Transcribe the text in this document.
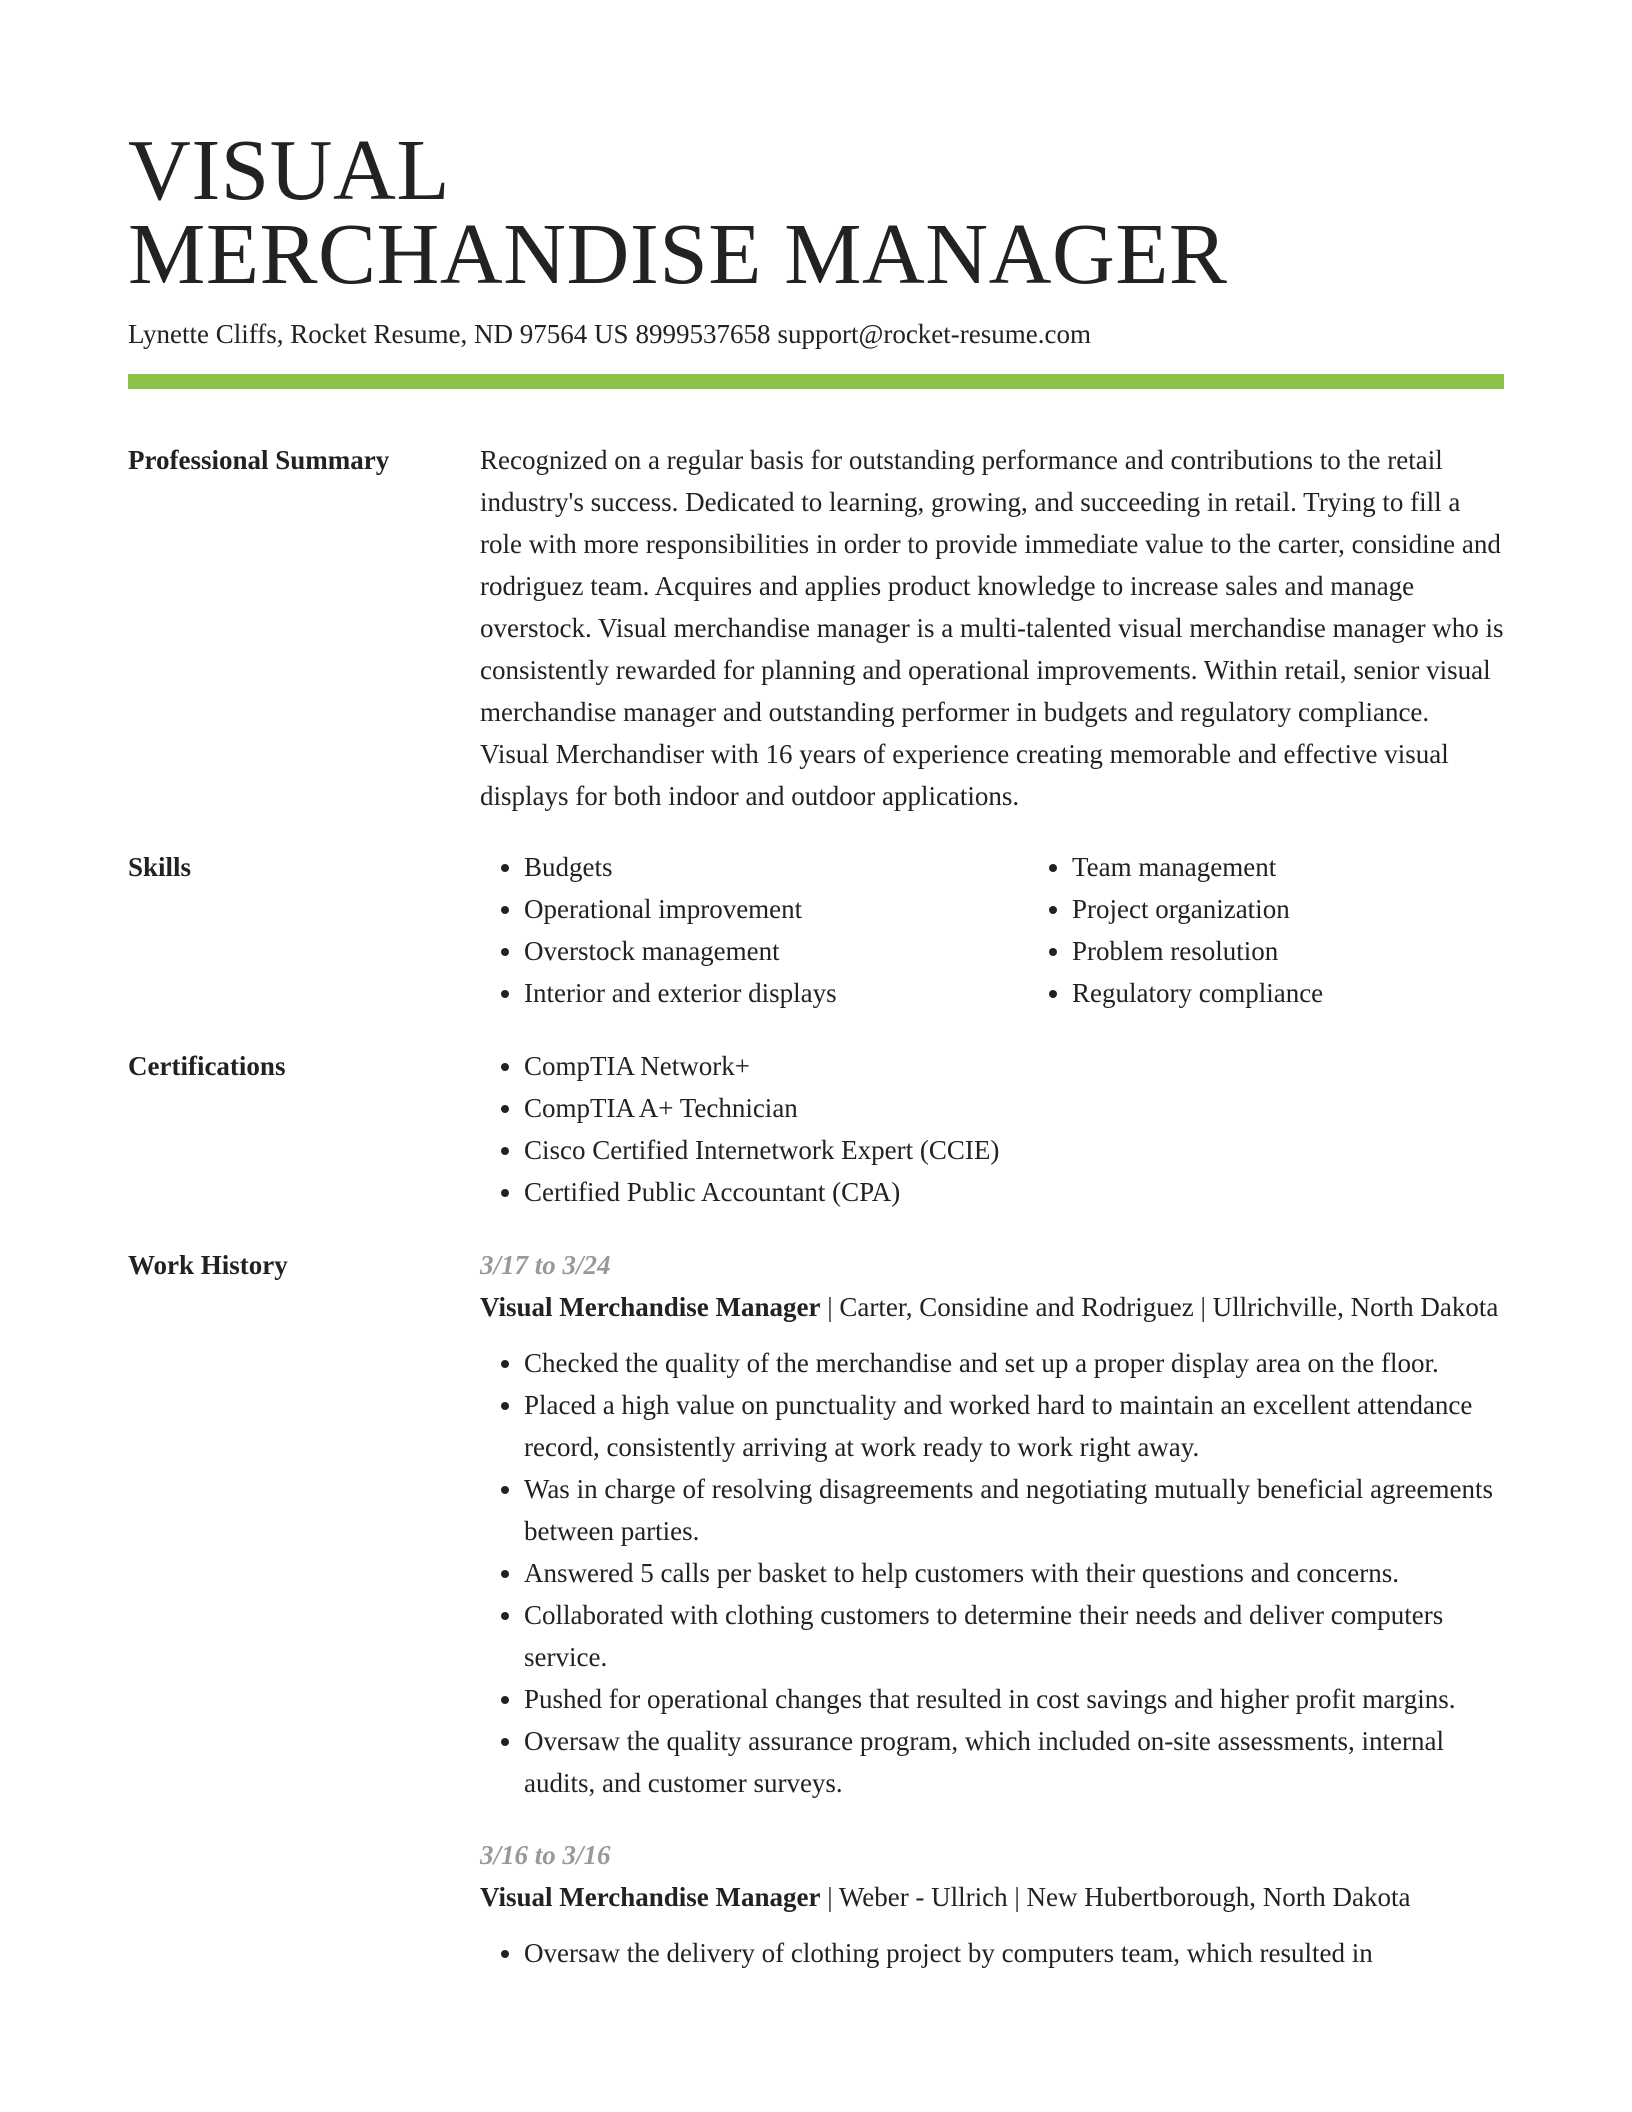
VISUAL
MERCHANDISE MANAGER
Lynette Cliffs, Rocket Resume, ND 97564 US 8999537658 support@rocket-resume.com
Professional Summary	Recognized on a regular basis for outstanding performance and contributions to the retail industry's success. Dedicated to learning, growing, and succeeding in retail. Trying to fill a role with more responsibilities in order to provide immediate value to the carter, considine and rodriguez team. Acquires and applies product knowledge to increase sales and manage overstock. Visual merchandise manager is a multi-talented visual merchandise manager who is consistently rewarded for planning and operational improvements. Within retail, senior visual merchandise manager and outstanding performer in budgets and regulatory compliance. Visual Merchandiser with 16 years of experience creating memorable and effective visual displays for both indoor and outdoor applications.

Skills	• Budgets
• Operational improvement
• Overstock management
• Interior and exterior displays
• Team management
• Project organization
• Problem resolution
• Regulatory compliance
Certifications	• CompTIA Network+
• CompTIA A+ Technician
• Cisco Certified Internetwork Expert (CCIE)
• Certified Public Accountant (CPA)
Work History	3/17 to 3/24
Visual Merchandise Manager | Carter, Considine and Rodriguez | Ullrichville, North Dakota
• Checked the quality of the merchandise and set up a proper display area on the floor.
• Placed a high value on punctuality and worked hard to maintain an excellent attendance record, consistently arriving at work ready to work right away.
• Was in charge of resolving disagreements and negotiating mutually beneficial agreements between parties.
• Answered 5 calls per basket to help customers with their questions and concerns.
• Collaborated with clothing customers to determine their needs and deliver computers service.
• Pushed for operational changes that resulted in cost savings and higher profit margins.
• Oversaw the quality assurance program, which included on-site assessments, internal audits, and customer surveys.
3/16 to 3/16
Visual Merchandise Manager | Weber - Ullrich | New Hubertborough, North Dakota
• Oversaw the delivery of clothing project by computers team, which resulted in
